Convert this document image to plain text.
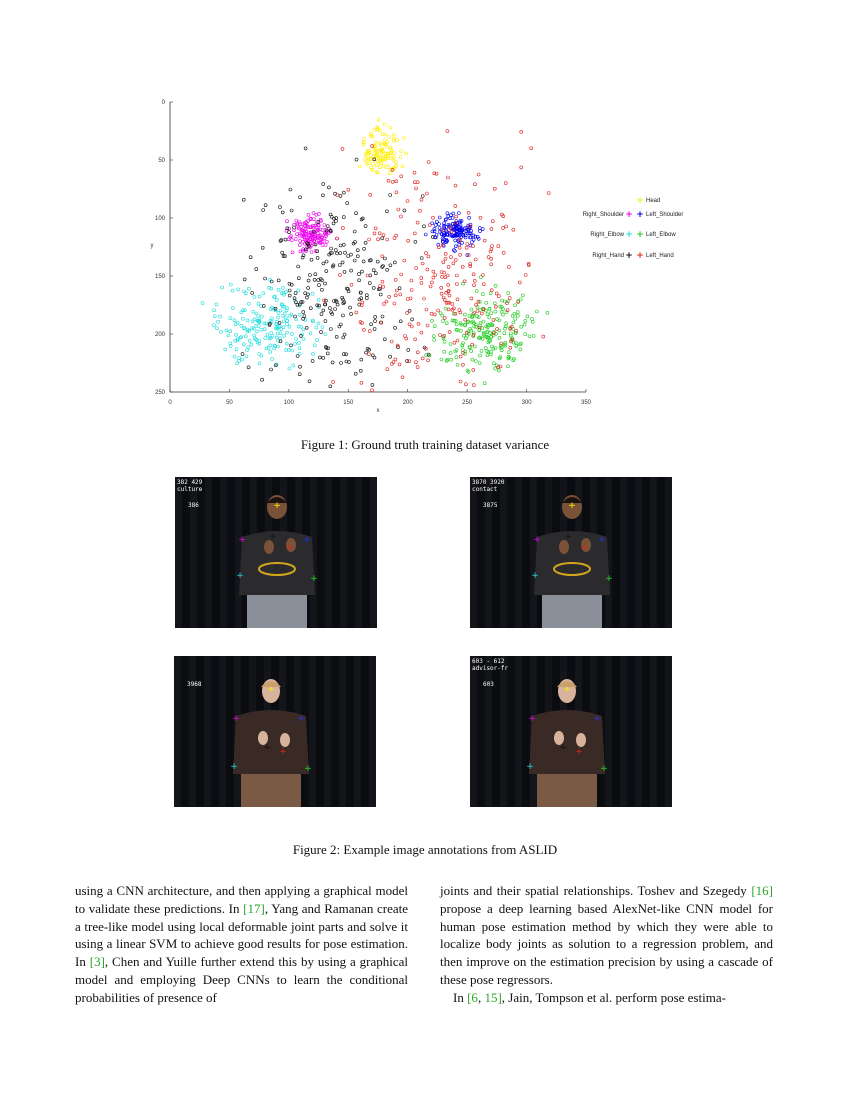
0	50	100	150	200	250	300	350
0
50
100
150
200
250
x
y
+ Head
+
Right_Shoulder + Left_Shoulder
+
Right_Elbow + Left_Elbow
+
Right_Hand + Left_Hand
Figure 1: Ground truth training dataset variance
+
+	+
+	+
+
+
382 429
culture
386	+
+	+
+	+
+
+
3870 3920
contact
3875
+
+	+
+	+
+ +
3968
+
+	+
+	+
+ +
603 - 612
advisor-fr
603
Figure 2: Example image annotations from ASLID

using a CNN architecture, and then applying a graphical model to validate these predictions. In [17], Yang and Ramanan create a tree-like model using local deformable joint parts and solve it using a linear SVM to achieve good results for pose estimation. In [3], Chen and Yuille further extend this by using a graphical model and employing Deep CNNs to learn the conditional probabilities of presence of

joints and their spatial relationships. Toshev and Szegedy [16] propose a deep learning based AlexNet-like CNN model for human pose estimation method by which they were able to localize body joints as solution to a regression problem, and then improve on the estimation precision by using a cascade of these pose regressors.

In [6, 15], Jain, Tompson et al. perform pose estima-
